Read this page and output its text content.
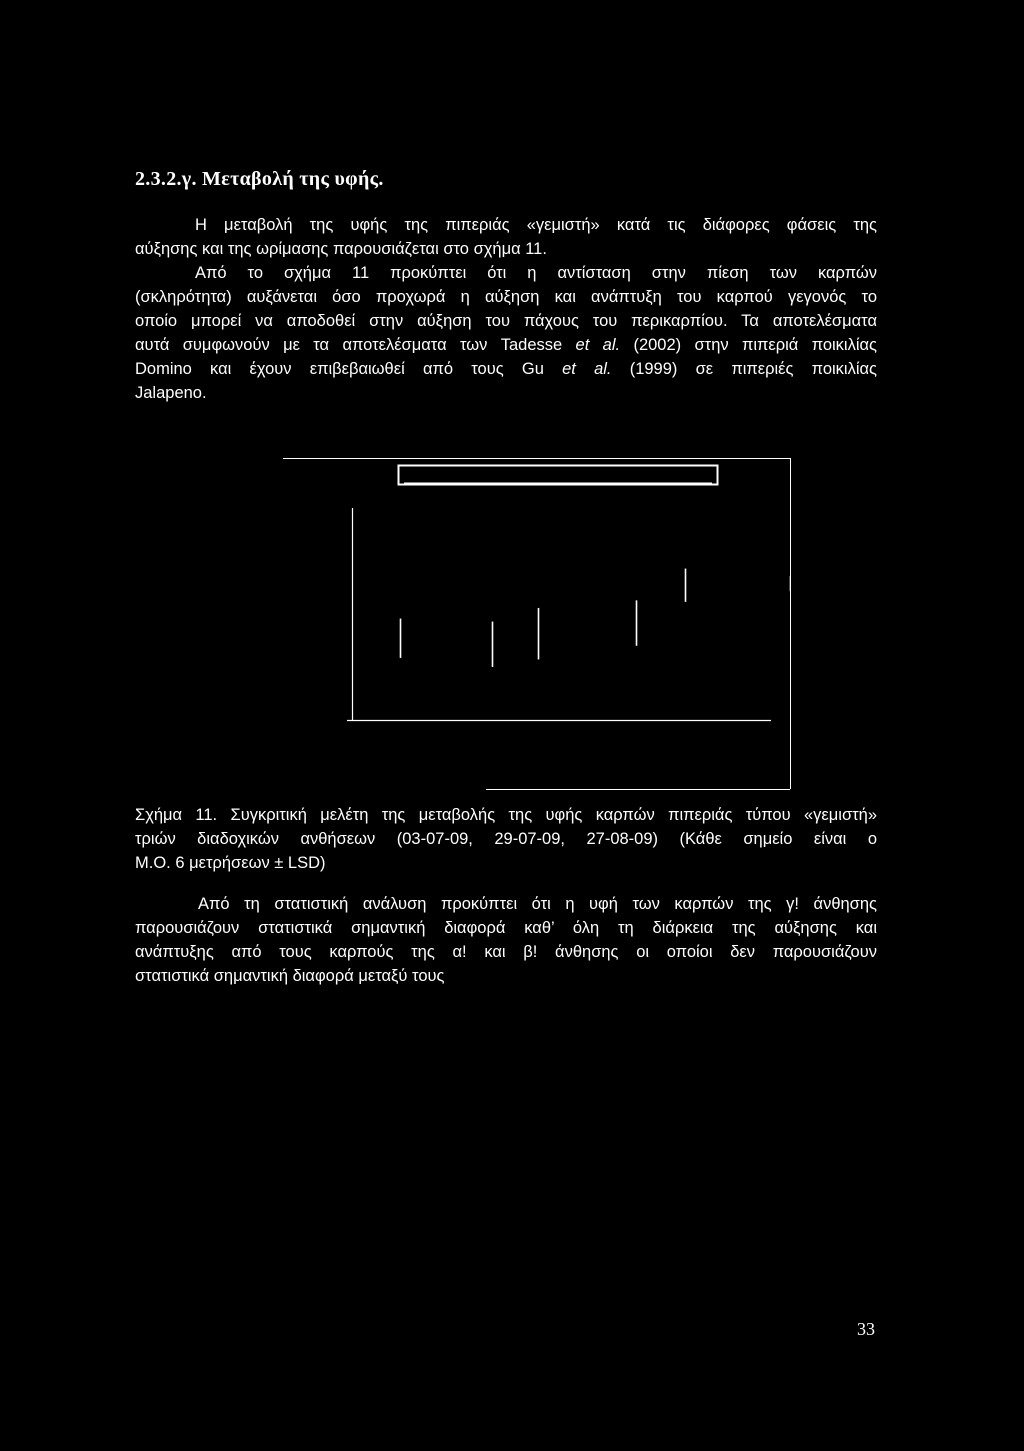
2.3.2.γ. Μεταβολή της υφής.

Η μεταβολή της υφής της πιπεριάς «γεμιστή» κατά τις διάφορες φάσεις της
αύξησης και της ωρίμασης παρουσιάζεται στο σχήμα 11.
Από το σχήμα 11 προκύπτει ότι η αντίσταση στην πίεση των καρπών
(σκληρότητα) αυξάνεται όσο προχωρά η αύξηση και ανάπτυξη του καρπού γεγονός το
οποίο μπορεί να αποδοθεί στην αύξηση του πάχους του περικαρπίου. Τα αποτελέσματα
αυτά συμφωνούν με τα αποτελέσματα των Tadesse et al. (2002) στην πιπεριά ποικιλίας
Domino και έχουν επιβεβαιωθεί από τους Gu et al. (1999) σε πιπεριές ποικιλίας
Jalapeno.
Σχήμα 11. Συγκριτική μελέτη της μεταβολής της υφής καρπών πιπεριάς τύπου «γεμιστή»
τριών διαδοχικών ανθήσεων (03-07-09, 29-07-09, 27-08-09) (Κάθε σημείο είναι ο
Μ.Ο. 6 μετρήσεων ± LSD)
Από τη στατιστική ανάλυση προκύπτει ότι η υφή των καρπών της γ! άνθησης
παρουσιάζουν στατιστικά σημαντική διαφορά καθ’ όλη τη διάρκεια της αύξησης και
ανάπτυξης από τους καρπούς της α! και β! άνθησης οι οποίοι δεν παρουσιάζουν
στατιστικά σημαντική διαφορά μεταξύ τους

33
